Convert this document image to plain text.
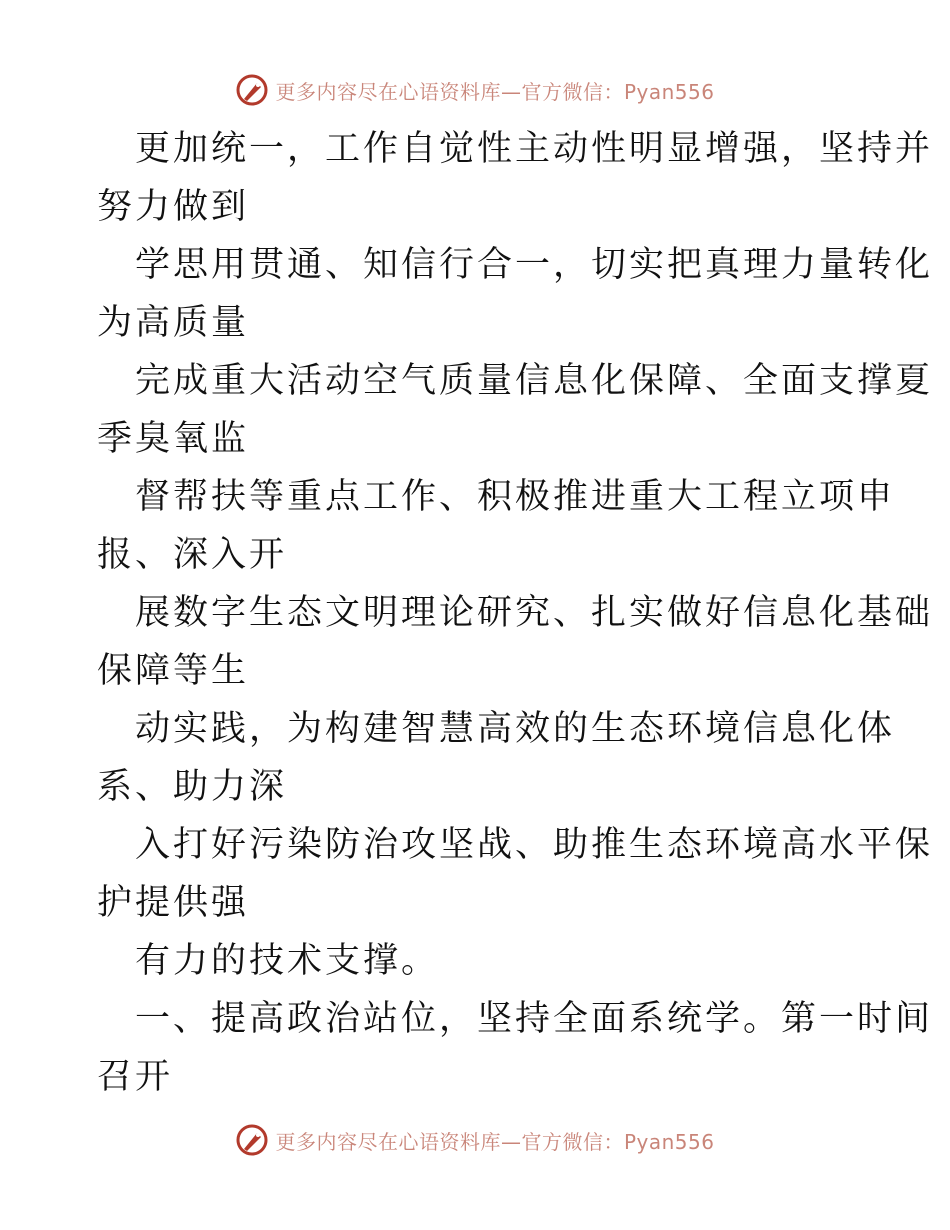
更多内容尽在心语资料库—官方微信：Pyan556
更加统一，工作自觉性主动性明显增强，坚持并
努力做到
学思用贯通、知信行合一，切实把真理力量转化
为高质量
完成重大活动空气质量信息化保障、全面支撑夏
季臭氧监
督帮扶等重点工作、积极推进重大工程立项申
报、深入开
展数字生态文明理论研究、扎实做好信息化基础
保障等生
动实践，为构建智慧高效的生态环境信息化体
系、助力深
入打好污染防治攻坚战、助推生态环境高水平保
护提供强
有力的技术支撑。
一、提高政治站位，坚持全面系统学。第一时间
召开
更多内容尽在心语资料库—官方微信：Pyan556
